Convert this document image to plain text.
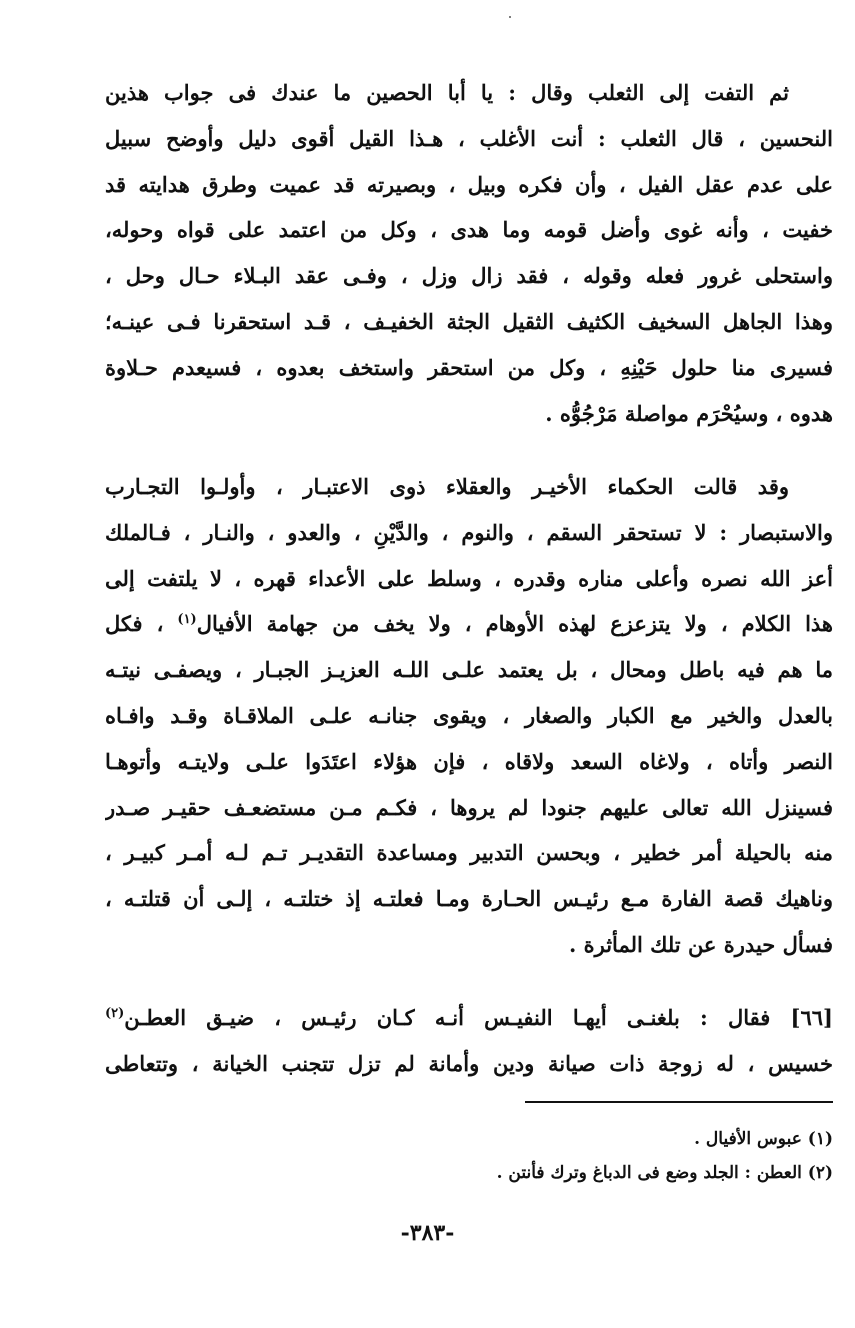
ثم التفت إلى الثعلب وقال : يا أبا الحصين ما عندك فى جواب هذين
النحسين ، قال الثعلب : أنت الأغلب ، هـذا القيل أقوى دليل وأوضح سبيل
على عدم عقل الفيل ، وأن فكره وبيل ، وبصيرته قد عميت وطرق هدايته قد
خفيت ، وأنه غوى وأضل قومه وما هدى ، وكل من اعتمد على قواه وحوله،
واستحلى غرور فعله وقوله ، فقد زال وزل ، وفـى عقد البـلاء حـال وحل ،
وهذا الجاهل السخيف الكثيف الثقيل الجثة الخفيـف ، قـد استحقرنا فـى عينـه؛
فسيرى منا حلول حَيْنِهِ ، وكل من استحقر واستخف بعدوه ، فسيعدم حـلاوة
هدوه ، وسيُحْرَم مواصلة مَرْجُوُّه .
وقد قالت الحكماء الأخيـر والعقلاء ذوى الاعتبـار ، وأولـوا التجـارب
والاستبصار : لا تستحقر السقم ، والنوم ، والدَّيْنِ ، والعدو ، والنـار ، فـالملك
أعز الله نصره وأعلى مناره وقدره ، وسلط على الأعداء قهره ، لا يلتفت إلى
هذا الكلام ، ولا يتزعزع لهذه الأوهام ، ولا يخف من جهامة الأفيال$^{(١)}$ ، فكل
ما هم فيه باطل ومحال ، بل يعتمد علـى اللـه العزيـز الجبـار ، ويصفـى نيتـه
بالعدل والخير مع الكبار والصغار ، ويقوى جنانـه علـى الملاقـاة وقـد وافـاه
النصر وأتاه ، ولاغاه السعد ولاقاه ، فإن هؤلاء اعتَدَوا علـى ولايتـه وأتوهـا
فسينزل الله تعالى عليهم جنودا لم يروها ، فكـم مـن مستضعـف حقيـر صـدر
منه بالحيلة أمر خطير ، وبحسن التدبير ومساعدة التقديـر تـم لـه أمـر كبيـر ،
وناهيك قصة الفارة مـع رئيـس الحـارة ومـا فعلتـه إذ ختلتـه ، إلـى أن قتلتـه ،
فسأل حيدرة عن تلك المأثرة .
[٦٦] فقال : بلغنـى أيهـا النفيـس أنـه كـان رئيـس ، ضيـق العطـن$^{(٢)}$
خسيس ، له زوجة ذات صيانة ودين وأمانة لم تزل تتجنب الخيانة ، وتتعاطى
(١) عبوس الأفيال .
(٢) العطن : الجلد وضع فى الدباغ وترك فأنتن .
-٣٨٣-
